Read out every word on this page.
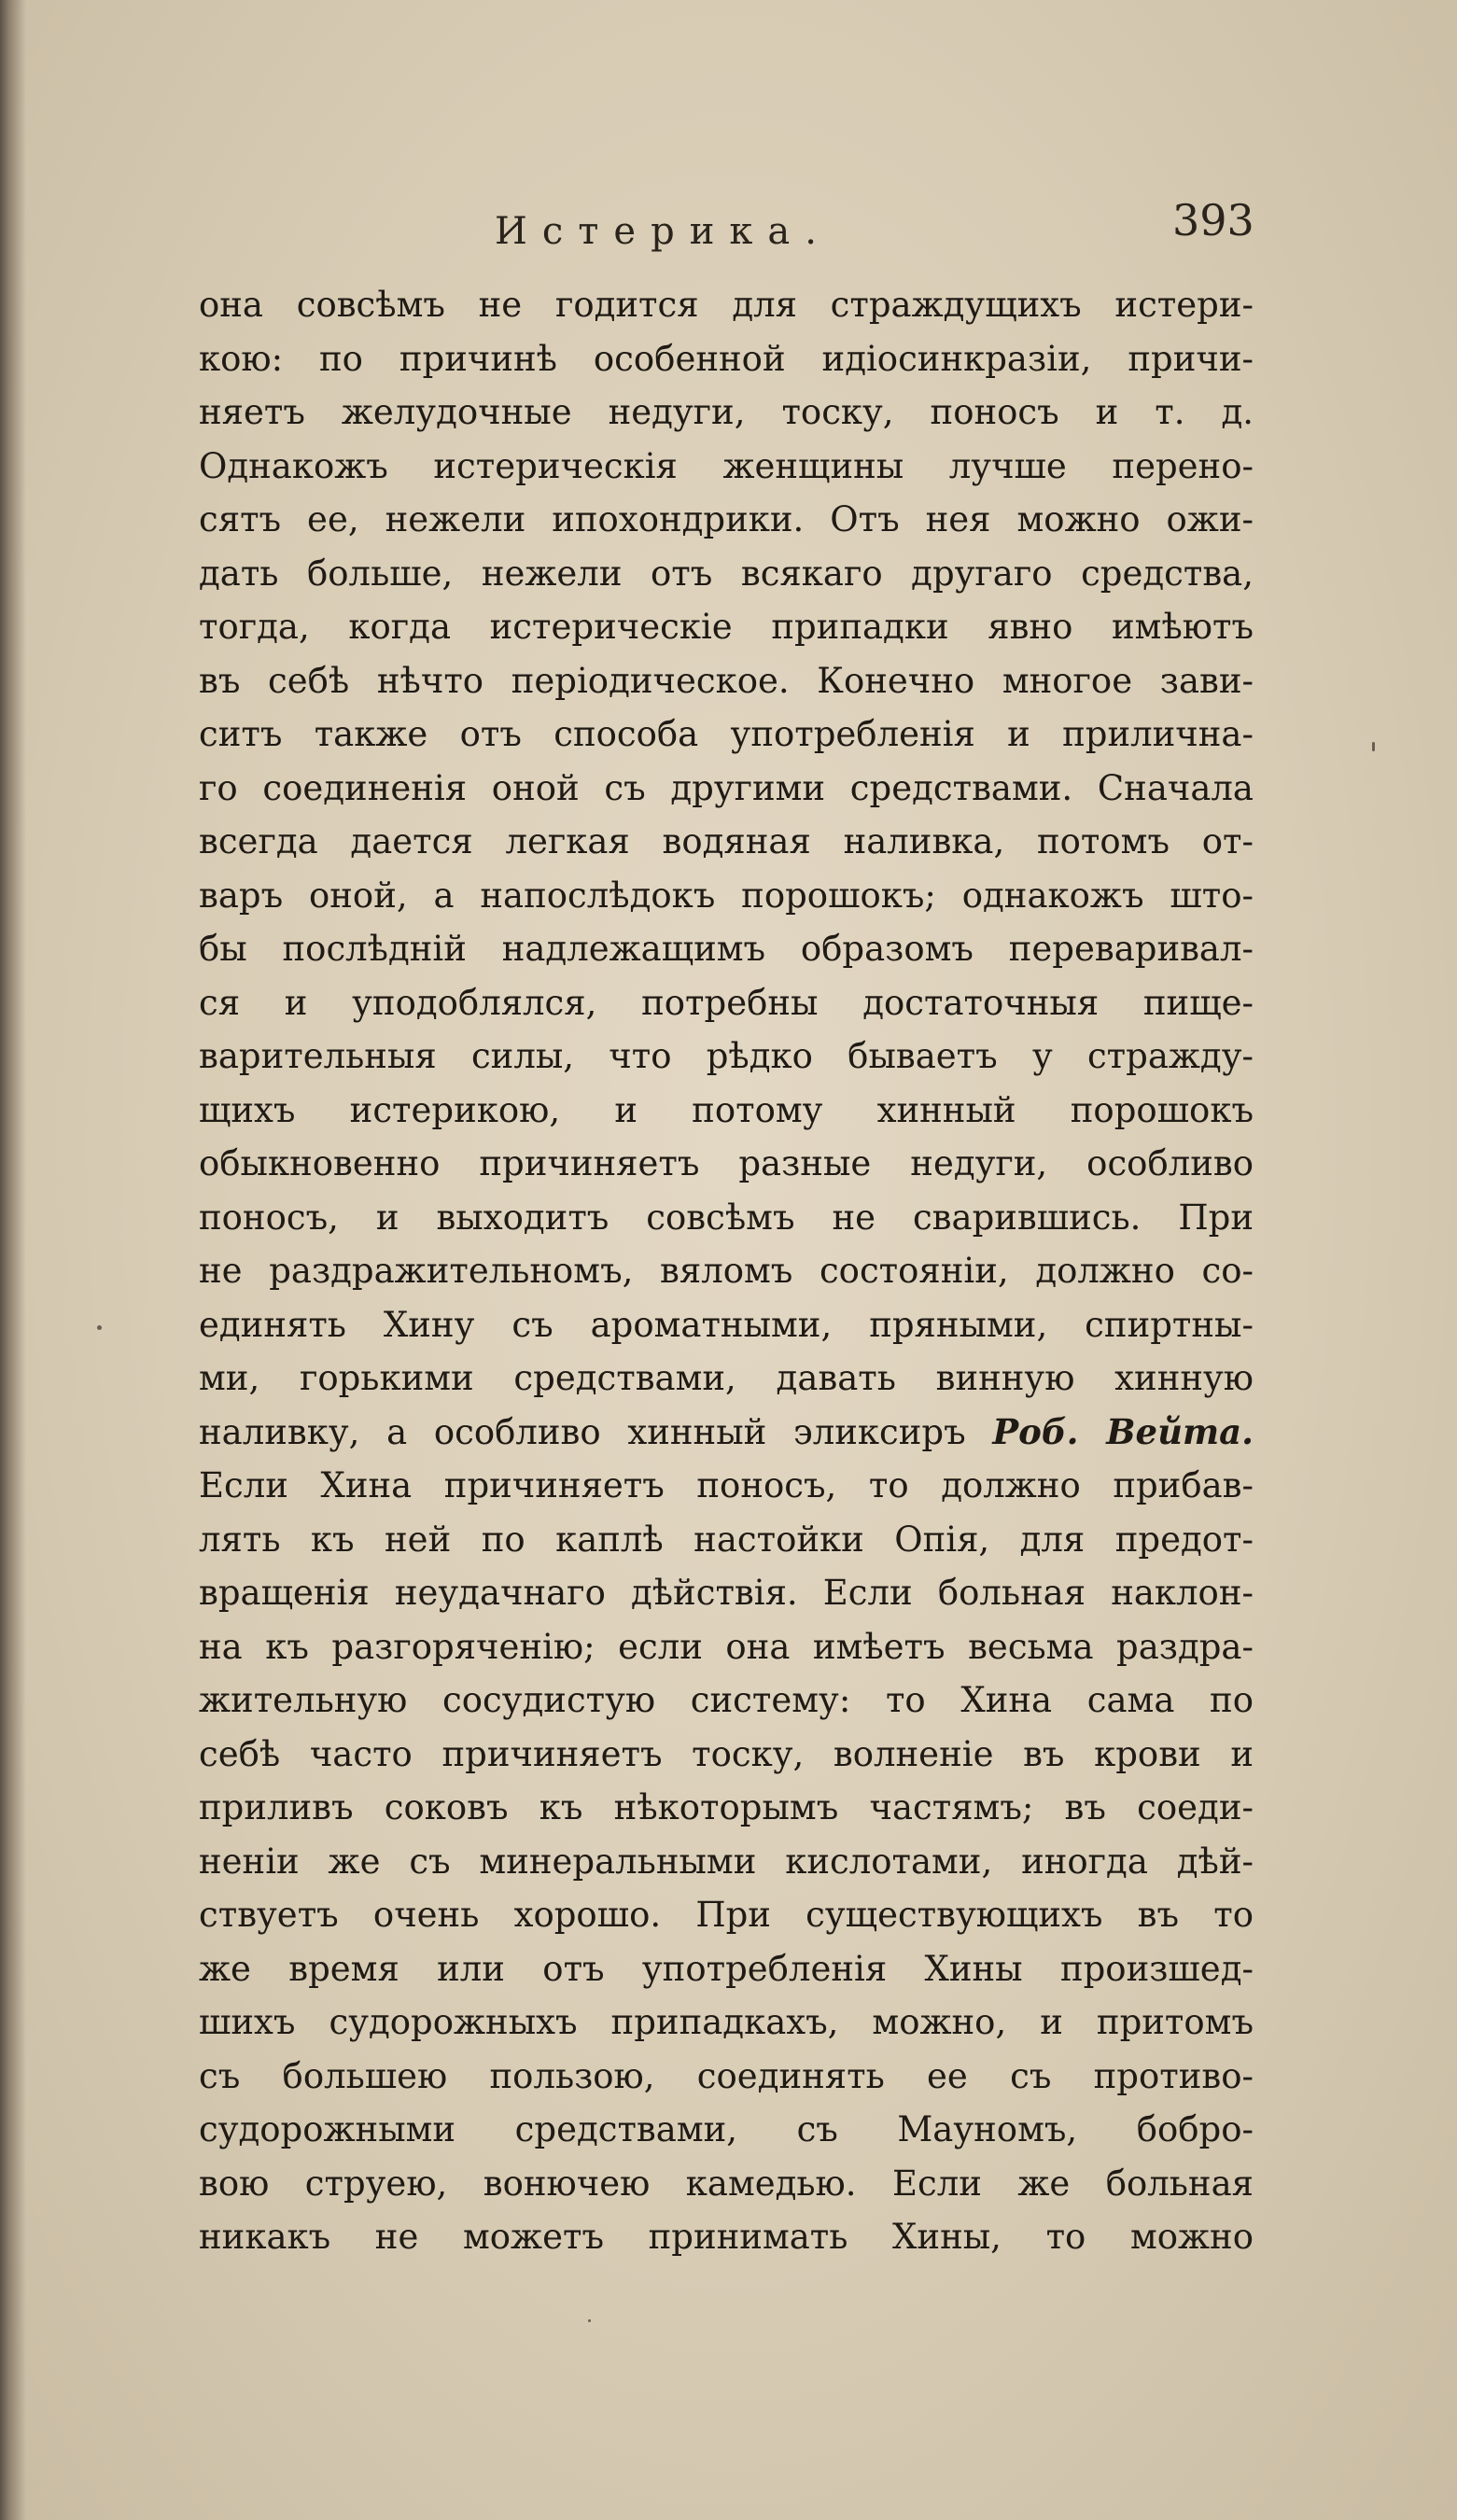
Истерика.	393
она совсѣмъ не годится для страждущихъ истери-
кою: по причинѣ особенной идіосинкразіи, причи-
няетъ желудочные недуги, тоску, поносъ и т. д.
Однакожъ истерическія женщины лучше перено-
сятъ ее, нежели ипохондрики. Отъ нея можно ожи-
дать больше, нежели отъ всякаго другаго средства,
тогда, когда истерическіе припадки явно имѣютъ
въ себѣ нѣчто періодическое. Конечно многое зави-
ситъ также отъ способа употребленія и прилична-
го соединенія оной съ другими средствами. Сначала
всегда дается легкая водяная наливка, потомъ от-
варъ оной, а напослѣдокъ порошокъ; однакожъ што-
бы послѣдній надлежащимъ образомъ переваривал-
ся и уподоблялся, потребны достаточныя пище-
варительныя силы, что рѣдко бываетъ у стражду-
щихъ истерикою, и потому хинный порошокъ
обыкновенно причиняетъ разные недуги, особливо
поносъ, и выходитъ совсѣмъ не сварившись. При
не раздражительномъ, вяломъ состояніи, должно со-
единять Хину съ ароматными, пряными, спиртны-
ми, горькими средствами, давать винную хинную
наливку, а особливо хинный эликсиръ Роб. Вейта.
Если Хина причиняетъ поносъ, то должно прибав-
лять къ ней по каплѣ настойки Опія, для предот-
вращенія неудачнаго дѣйствія. Если больная наклон-
на къ разгоряченію; если она имѣетъ весьма раздра-
жительную сосудистую систему: то Хина сама по
себѣ часто причиняетъ тоску, волненіе въ крови и
приливъ соковъ къ нѣкоторымъ частямъ; въ соеди-
неніи же съ минеральными кислотами, иногда дѣй-
ствуетъ очень хорошо. При существующихъ въ то
же время или отъ употребленія Хины произшед-
шихъ судорожныхъ припадкахъ, можно, и притомъ
съ большею пользою, соединять ее съ противо-
судорожными средствами, съ Мауномъ, бобро-
вою струею, вонючею камедью. Если же больная
никакъ не можетъ принимать Хины, то можно
